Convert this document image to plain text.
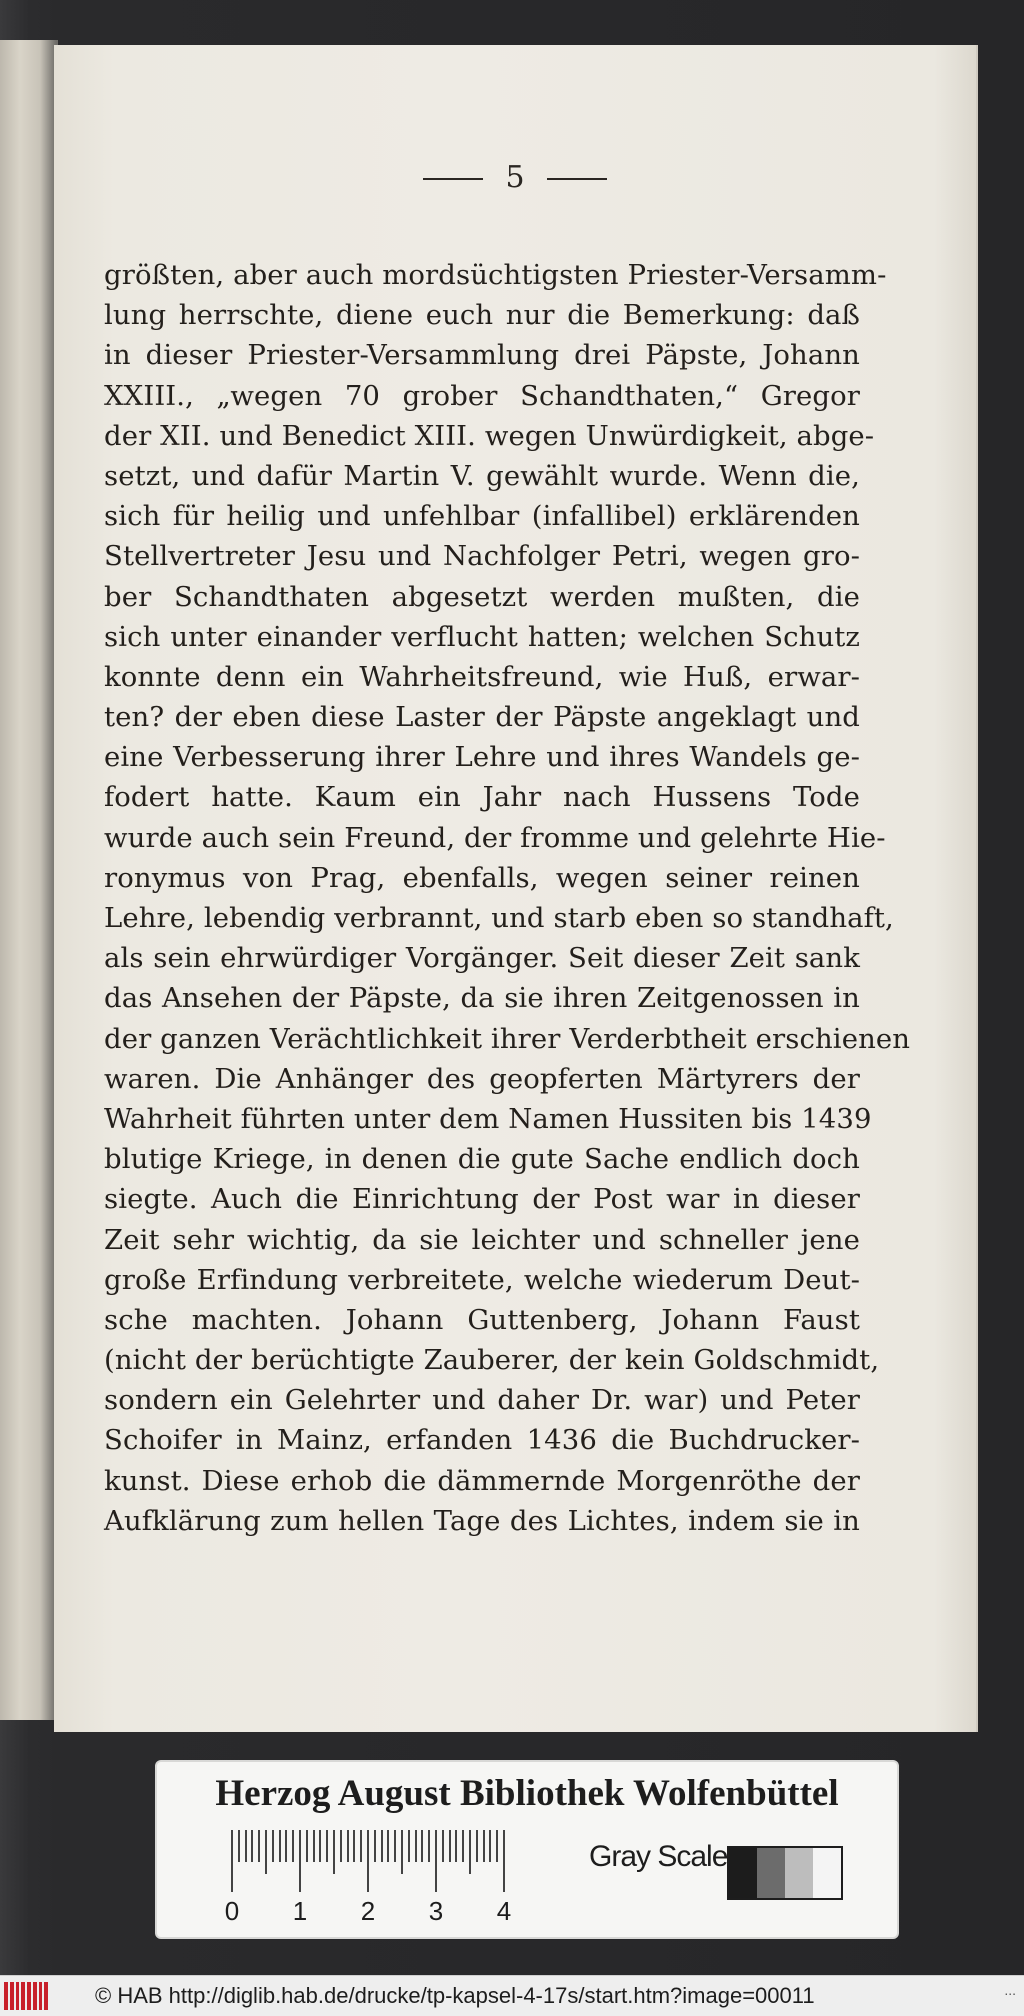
5
größten, aber auch mordsüchtigsten Priester-Versamm-
lung herrschte, diene euch nur die Bemerkung: daß
in dieser Priester-Versammlung drei Päpste, Johann
XXIII., „wegen 70 grober Schandthaten,“ Gregor
der XII. und Benedict XIII. wegen Unwürdigkeit, abge-
setzt, und dafür Martin V. gewählt wurde. Wenn die,
sich für heilig und unfehlbar (infallibel) erklärenden
Stellvertreter Jesu und Nachfolger Petri, wegen gro-
ber Schandthaten abgesetzt werden mußten, die
sich unter einander verflucht hatten; welchen Schutz
konnte denn ein Wahrheitsfreund, wie Huß, erwar-
ten? der eben diese Laster der Päpste angeklagt und
eine Verbesserung ihrer Lehre und ihres Wandels ge-
fodert hatte. Kaum ein Jahr nach Hussens Tode
wurde auch sein Freund, der fromme und gelehrte Hie-
ronymus von Prag, ebenfalls, wegen seiner reinen
Lehre, lebendig verbrannt, und starb eben so standhaft,
als sein ehrwürdiger Vorgänger. Seit dieser Zeit sank
das Ansehen der Päpste, da sie ihren Zeitgenossen in
der ganzen Verächtlichkeit ihrer Verderbtheit erschienen
waren. Die Anhänger des geopferten Märtyrers der
Wahrheit führten unter dem Namen Hussiten bis 1439
blutige Kriege, in denen die gute Sache endlich doch
siegte. Auch die Einrichtung der Post war in dieser
Zeit sehr wichtig, da sie leichter und schneller jene
große Erfindung verbreitete, welche wiederum Deut-
sche machten. Johann Guttenberg, Johann Faust
(nicht der berüchtigte Zauberer, der kein Goldschmidt,
sondern ein Gelehrter und daher Dr. war) und Peter
Schoifer in Mainz, erfanden 1436 die Buchdrucker-
kunst. Diese erhob die dämmernde Morgenröthe der
Aufklärung zum hellen Tage des Lichtes, indem sie in
Herzog August Bibliothek Wolfenbüttel
0 1 2 3 4
Gray Scale
© HAB http://diglib.hab.de/drucke/tp-kapsel-4-17s/start.htm?image=00011	...
